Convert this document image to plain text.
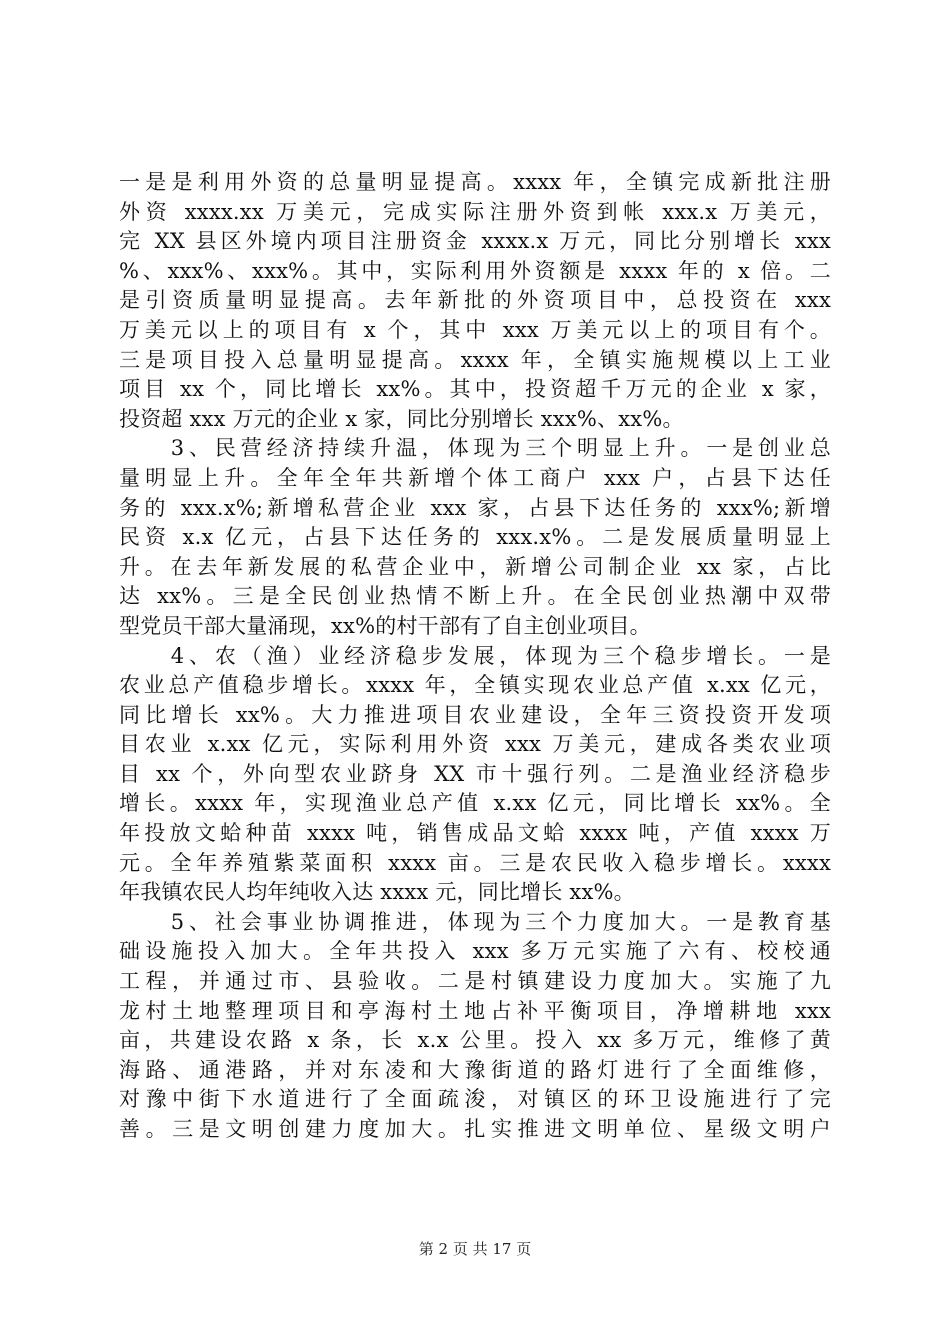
一是是利用外资的总量明显提高。xxxx 年，全镇完成新批注册
外资 xxxx.xx 万美元，完成实际注册外资到帐 xxx.x 万美元，
完 XX 县区外境内项目注册资金 xxxx.x 万元，同比分别增长 xxx
%、xxx%、xxx%。其中，实际利用外资额是 xxxx 年的 x 倍。二
是引资质量明显提高。去年新批的外资项目中，总投资在 xxx
万美元以上的项目有 x 个，其中 xxx 万美元以上的项目有个。
三是项目投入总量明显提高。xxxx 年，全镇实施规模以上工业
项目 xx 个，同比增长 xx%。其中，投资超千万元的企业 x 家，
投资超 xxx 万元的企业 x 家，同比分别增长 xxx%、xx%。
　　3、民营经济持续升温，体现为三个明显上升。一是创业总
量明显上升。全年全年共新增个体工商户 xxx 户，占县下达任
务的 xxx.x%;新增私营企业 xxx 家，占县下达任务的 xxx%;新增
民资 x.x 亿元，占县下达任务的 xxx.x%。二是发展质量明显上
升。在去年新发展的私营企业中，新增公司制企业 xx 家，占比
达 xx%。三是全民创业热情不断上升。在全民创业热潮中双带
型党员干部大量涌现，xx%的村干部有了自主创业项目。
　　4、农（渔）业经济稳步发展，体现为三个稳步增长。一是
农业总产值稳步增长。xxxx 年，全镇实现农业总产值 x.xx 亿元，
同比增长 xx%。大力推进项目农业建设，全年三资投资开发项
目农业 x.xx 亿元，实际利用外资 xxx 万美元，建成各类农业项
目 xx 个，外向型农业跻身 XX 市十强行列。二是渔业经济稳步
增长。xxxx 年，实现渔业总产值 x.xx 亿元，同比增长 xx%。全
年投放文蛤种苗 xxxx 吨，销售成品文蛤 xxxx 吨，产值 xxxx 万
元。全年养殖紫菜面积 xxxx 亩。三是农民收入稳步增长。xxxx
年我镇农民人均年纯收入达 xxxx 元，同比增长 xx%。
　　5、社会事业协调推进，体现为三个力度加大。一是教育基
础设施投入加大。全年共投入 xxx 多万元实施了六有、校校通
工程，并通过市、县验收。二是村镇建设力度加大。实施了九
龙村土地整理项目和亭海村土地占补平衡项目，净增耕地 xxx
亩，共建设农路 x 条，长 x.x 公里。投入 xx 多万元，维修了黄
海路、通港路，并对东凌和大豫街道的路灯进行了全面维修，
对豫中街下水道进行了全面疏浚，对镇区的环卫设施进行了完
善。三是文明创建力度加大。扎实推进文明单位、星级文明户
第 2 页 共 17 页
